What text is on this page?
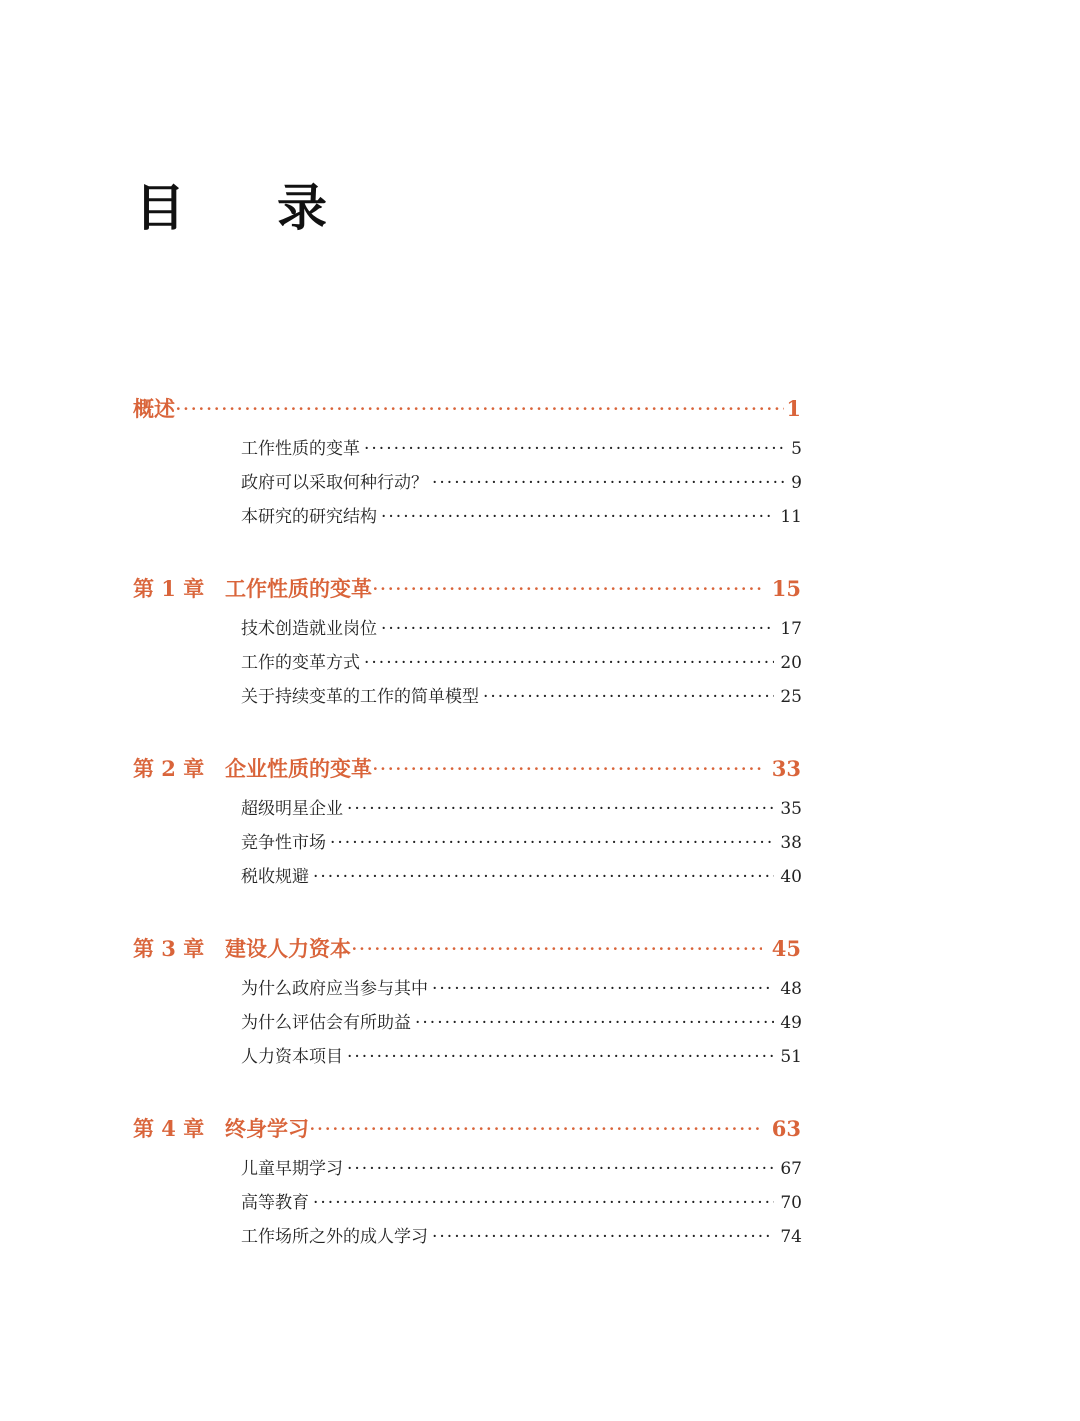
目 录
概述 ·····	1
工作性质的变革 ·····	5
政府可以采取何种行动？ ·····	9
本研究的研究结构 ·····	11
第 1 章 工作性质的变革 ·····	15
技术创造就业岗位 ·····	17
工作的变革方式 ·····	20
关于持续变革的工作的简单模型 ·····	25
第 2 章 企业性质的变革 ·····	33
超级明星企业 ·····	35
竞争性市场 ·····	38
税收规避 ·····	40
第 3 章 建设人力资本 ·····	45
为什么政府应当参与其中 ·····	48
为什么评估会有所助益 ·····	49
人力资本项目 ·····	51
第 4 章 终身学习 ·····	63
儿童早期学习 ·····	67
高等教育 ·····	70
工作场所之外的成人学习 ·····	74
